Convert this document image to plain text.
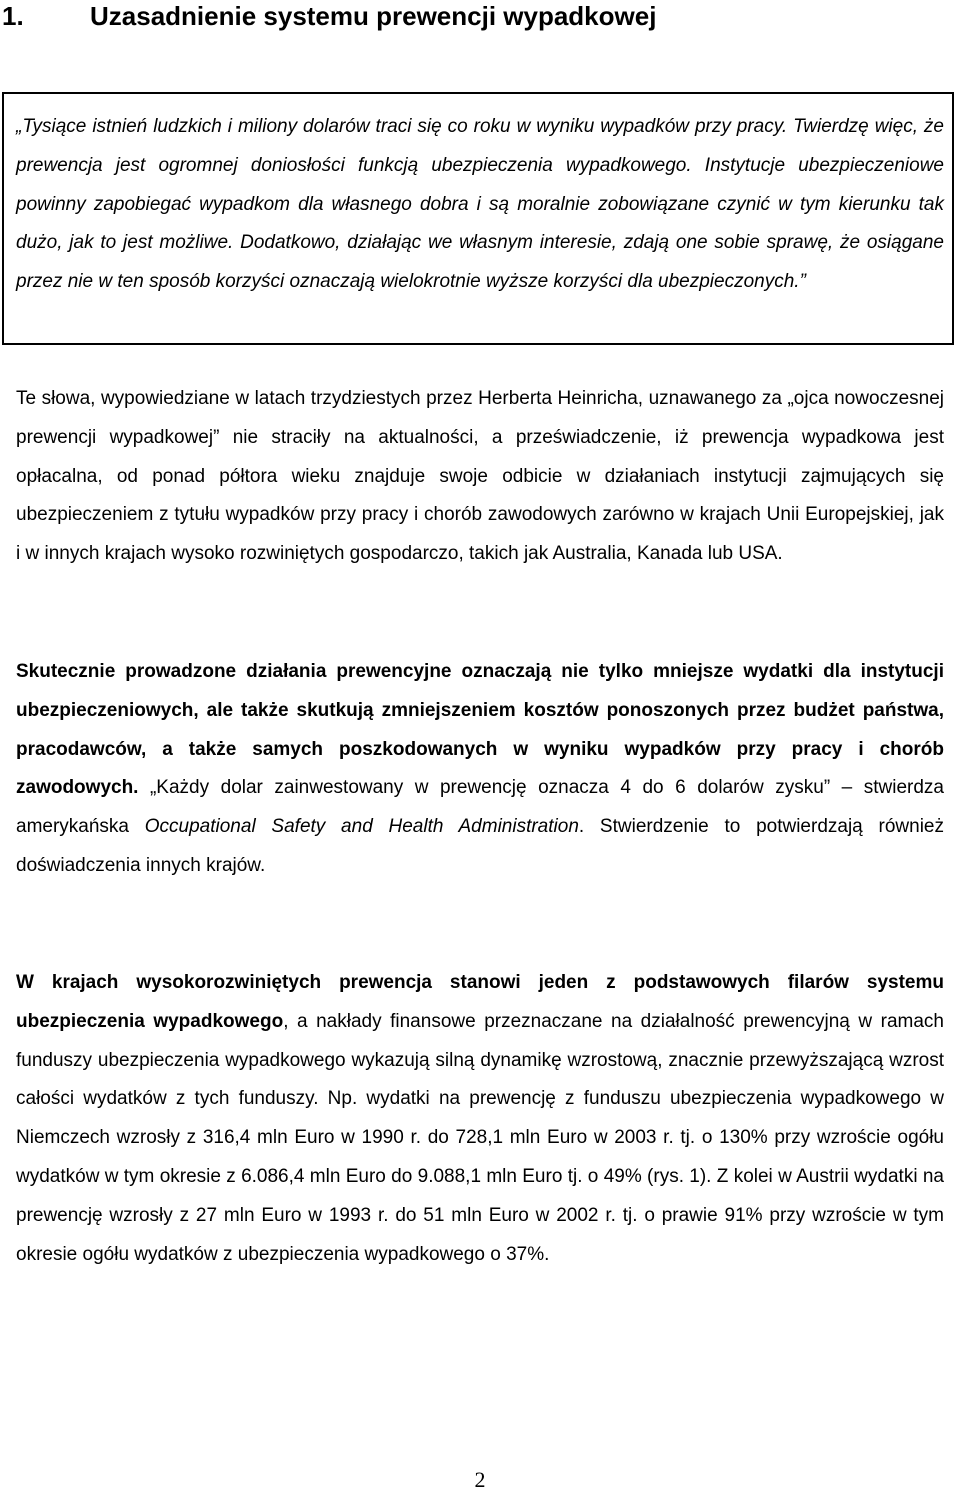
1.	Uzasadnienie systemu prewencji wypadkowej

„Tysiące istnień ludzkich i miliony dolarów traci się co roku w wyniku wypadków przy pracy. Twierdzę więc, że prewencja jest ogromnej doniosłości funkcją ubezpieczenia wypadkowego. Instytucje ubezpieczeniowe powinny zapobiegać wypadkom dla własnego dobra i są moralnie zobowiązane czynić w tym kierunku tak dużo, jak to jest możliwe. Dodatkowo, działając we własnym interesie, zdają one sobie sprawę, że osiągane przez nie w ten sposób korzyści oznaczają wielokrotnie wyższe korzyści dla ubezpieczonych.”

Te słowa, wypowiedziane w latach trzydziestych przez Herberta Heinricha, uznawanego za „ojca nowoczesnej prewencji wypadkowej” nie straciły na aktualności, a przeświadczenie, iż prewencja wypadkowa jest opłacalna, od ponad półtora wieku znajduje swoje odbicie w działaniach instytucji zajmujących się ubezpieczeniem z tytułu wypadków przy pracy i chorób zawodowych zarówno w krajach Unii Europejskiej, jak i w innych krajach wysoko rozwiniętych gospodarczo, takich jak Australia, Kanada lub USA.

Skutecznie prowadzone działania prewencyjne oznaczają nie tylko mniejsze wydatki dla instytucji ubezpieczeniowych, ale także skutkują zmniejszeniem kosztów ponoszonych przez budżet państwa, pracodawców, a także samych poszkodowanych w wyniku wypadków przy pracy i chorób zawodowych. „Każdy dolar zainwestowany w prewencję oznacza 4 do 6 dolarów zysku” – stwierdza amerykańska Occupational Safety and Health Administration. Stwierdzenie to potwierdzają również doświadczenia innych krajów.

W krajach wysokorozwiniętych prewencja stanowi jeden z podstawowych filarów systemu ubezpieczenia wypadkowego, a nakłady finansowe przeznaczane na działalność prewencyjną w ramach funduszy ubezpieczenia wypadkowego wykazują silną dynamikę wzrostową, znacznie przewyższającą wzrost całości wydatków z tych funduszy. Np. wydatki na prewencję z funduszu ubezpieczenia wypadkowego w Niemczech wzrosły z 316,4 mln Euro w 1990 r. do 728,1 mln Euro w 2003 r. tj. o 130% przy wzroście ogółu wydatków w tym okresie z 6.086,4 mln Euro do 9.088,1 mln Euro tj. o 49% (rys. 1). Z kolei w Austrii wydatki na prewencję wzrosły z 27 mln Euro w 1993 r. do 51 mln Euro w 2002 r. tj. o prawie 91% przy wzroście w tym okresie ogółu wydatków z ubezpieczenia wypadkowego o 37%.

2
